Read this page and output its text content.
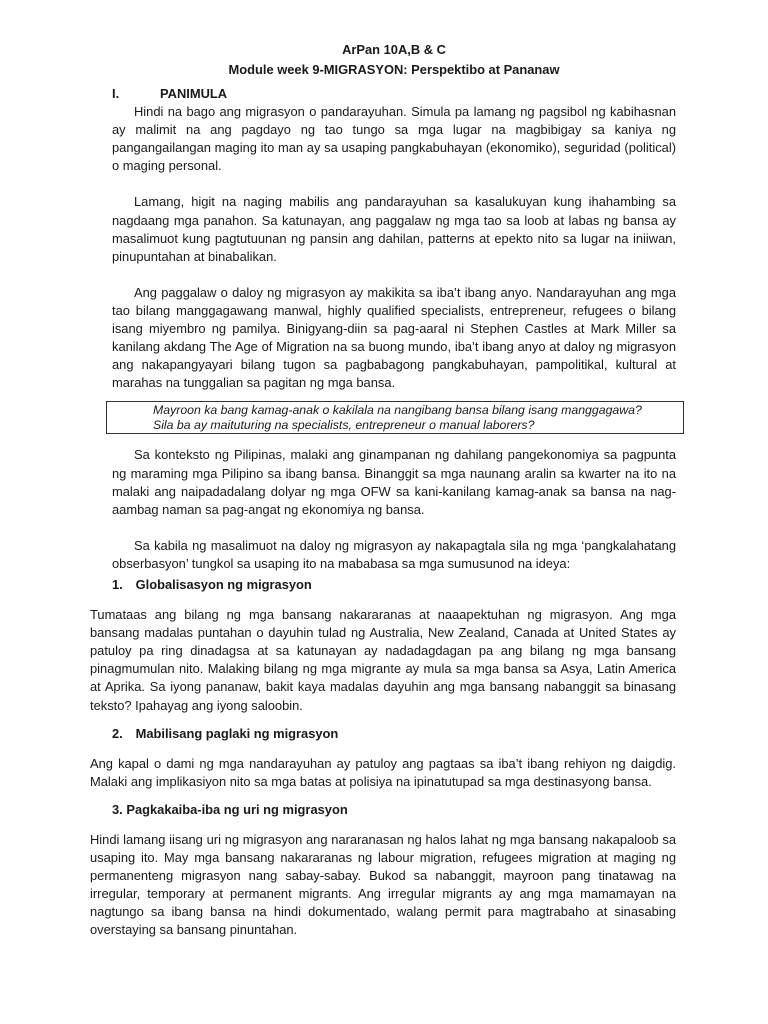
ArPan 10A,B & C
Module week 9-MIGRASYON: Perspektibo at Pananaw
I.	PANIMULA

Hindi na bago ang migrasyon o pandarayuhan. Simula pa lamang ng pagsibol ng kabihasnan ay malimit na ang pagdayo ng tao tungo sa mga lugar na magbibigay sa kaniya ng pangangailangan maging ito man ay sa usaping pangkabuhayan (ekonomiko), seguridad (political) o maging personal.

Lamang, higit na naging mabilis ang pandarayuhan sa kasalukuyan kung ihahambing sa nagdaang mga panahon. Sa katunayan, ang paggalaw ng mga tao sa loob at labas ng bansa ay masalimuot kung pagtutuunan ng pansin ang dahilan, patterns at epekto nito sa lugar na iniiwan, pinupuntahan at binabalikan.

Ang paggalaw o daloy ng migrasyon ay makikita sa iba’t ibang anyo. Nandarayuhan ang mga tao bilang manggagawang manwal, highly qualified specialists, entrepreneur, refugees o bilang isang miyembro ng pamilya. Binigyang-diin sa pag-aaral ni Stephen Castles at Mark Miller sa kanilang akdang The Age of Migration na sa buong mundo, iba’t ibang anyo at daloy ng migrasyon ang nakapangyayari bilang tugon sa pagbabagong pangkabuhayan, pampolitikal, kultural at marahas na tunggalian sa pagitan ng mga bansa.

Mayroon ka bang kamag-anak o kakilala na nangibang bansa bilang isang manggagawa?
Sila ba ay maituturing na specialists, entrepreneur o manual laborers?

Sa konteksto ng Pilipinas, malaki ang ginampanan ng dahilang pangekonomiya sa pagpunta ng maraming mga Pilipino sa ibang bansa. Binanggit sa mga naunang aralin sa kwarter na ito na malaki ang naipadadalang dolyar ng mga OFW sa kani-kanilang kamag-anak sa bansa na nag-aambag naman sa pag-angat ng ekonomiya ng bansa.

Sa kabila ng masalimuot na daloy ng migrasyon ay nakapagtala sila ng mga ‘pangkalahatang obserbasyon’ tungkol sa usaping ito na mababasa sa mga sumusunod na ideya:

1. Globalisasyon ng migrasyon

Tumataas ang bilang ng mga bansang nakararanas at naaapektuhan ng migrasyon. Ang mga bansang madalas puntahan o dayuhin tulad ng Australia, New Zealand, Canada at United States ay patuloy pa ring dinadagsa at sa katunayan ay nadadagdagan pa ang bilang ng mga bansang pinagmumulan nito. Malaking bilang ng mga migrante ay mula sa mga bansa sa Asya, Latin America at Aprika. Sa iyong pananaw, bakit kaya madalas dayuhin ang mga bansang nabanggit sa binasang teksto? Ipahayag ang iyong saloobin.

2. Mabilisang paglaki ng migrasyon

Ang kapal o dami ng mga nandarayuhan ay patuloy ang pagtaas sa iba’t ibang rehiyon ng daigdig. Malaki ang implikasiyon nito sa mga batas at polisiya na ipinatutupad sa mga destinasyong bansa.

3. Pagkakaiba-iba ng uri ng migrasyon

Hindi lamang iisang uri ng migrasyon ang nararanasan ng halos lahat ng mga bansang nakapaloob sa usaping ito. May mga bansang nakararanas ng labour migration, refugees migration at maging ng permanenteng migrasyon nang sabay-sabay. Bukod sa nabanggit, mayroon pang tinatawag na irregular, temporary at permanent migrants. Ang irregular migrants ay ang mga mamamayan na nagtungo sa ibang bansa na hindi dokumentado, walang permit para magtrabaho at sinasabing overstaying sa bansang pinuntahan.
